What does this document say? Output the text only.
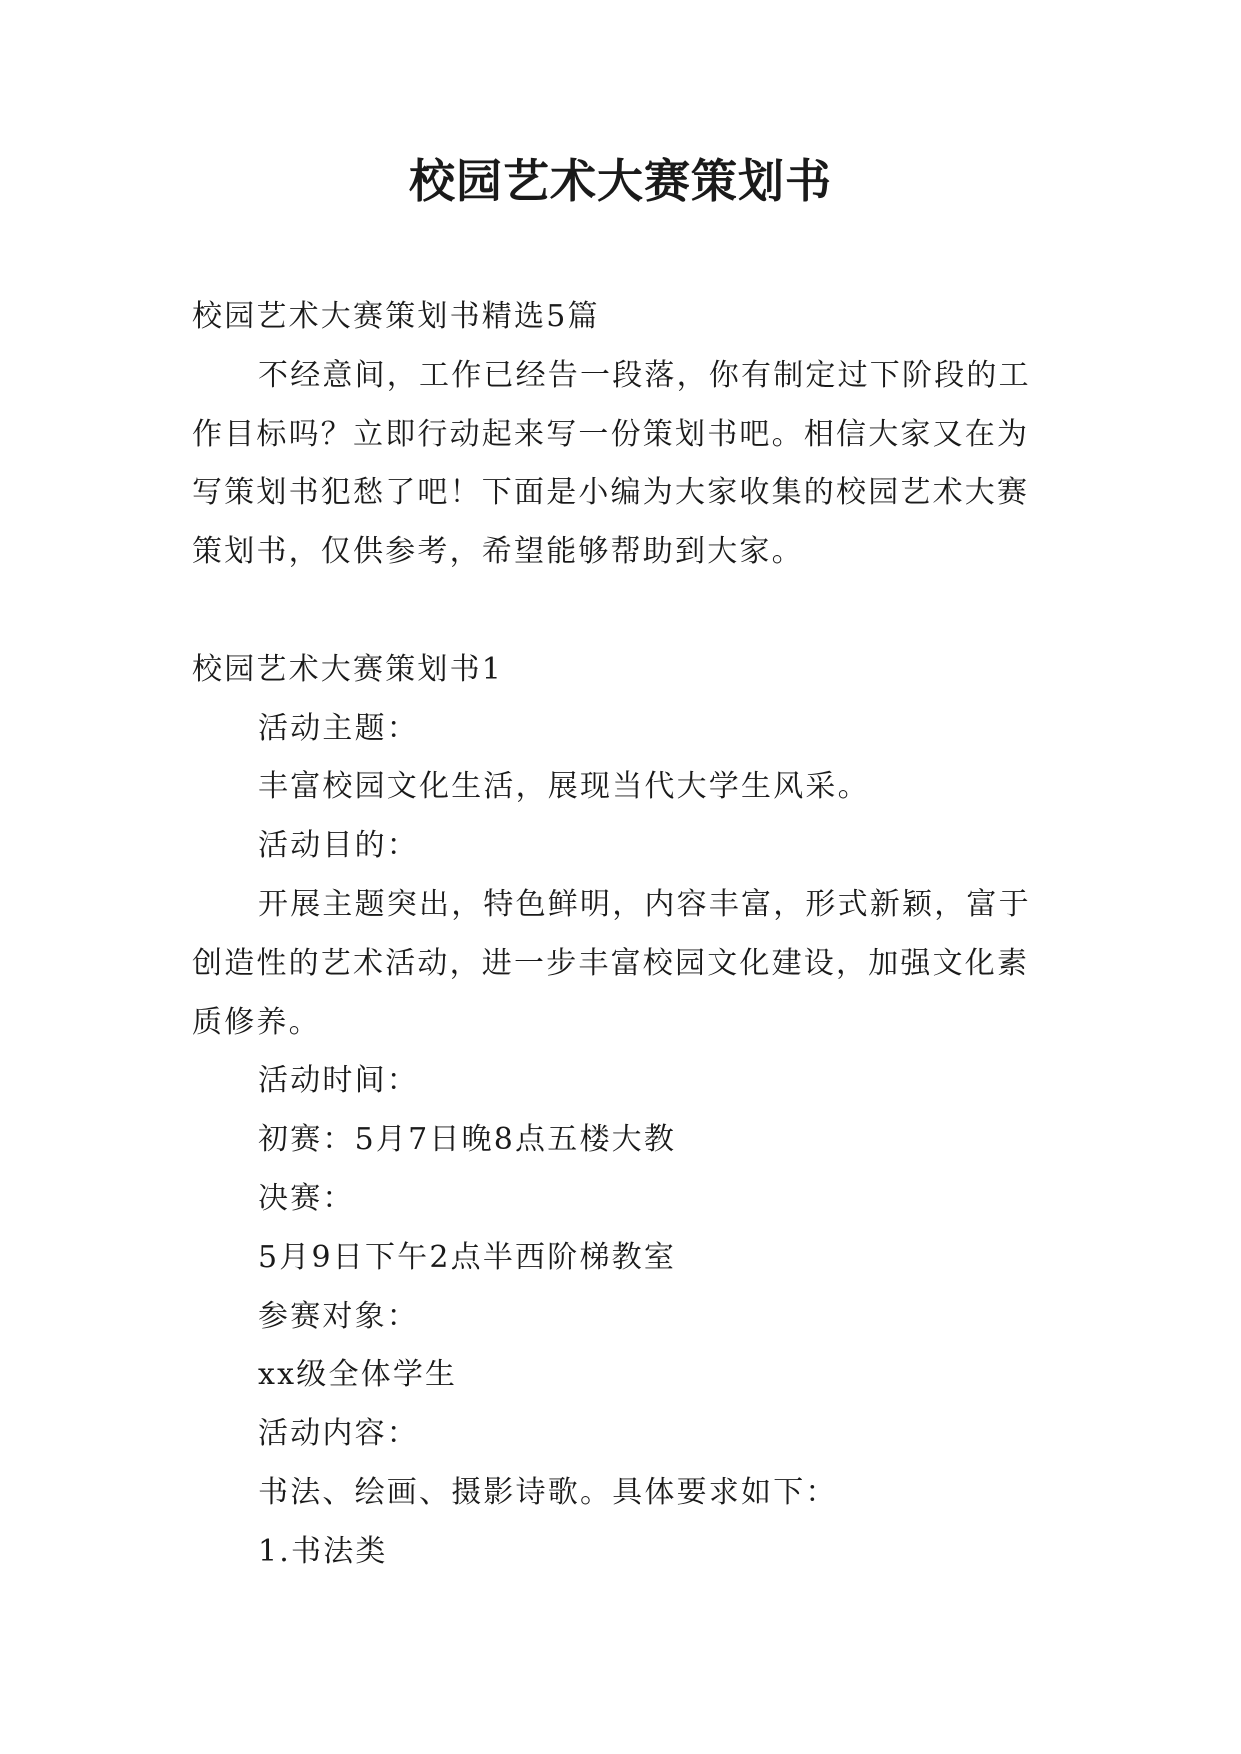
校园艺术大赛策划书

校园艺术大赛策划书精选5篇

不经意间，工作已经告一段落，你有制定过下阶段的工作目标吗？立即行动起来写一份策划书吧。相信大家又在为写策划书犯愁了吧！下面是小编为大家收集的校园艺术大赛策划书，仅供参考，希望能够帮助到大家。

校园艺术大赛策划书1

活动主题：

丰富校园文化生活，展现当代大学生风采。

活动目的：

开展主题突出，特色鲜明，内容丰富，形式新颖，富于创造性的艺术活动，进一步丰富校园文化建设，加强文化素质修养。

活动时间：

初赛：5月7日晚8点五楼大教

决赛：

5月9日下午2点半西阶梯教室

参赛对象：

xx级全体学生

活动内容：

书法、绘画、摄影诗歌。具体要求如下：

1.书法类
